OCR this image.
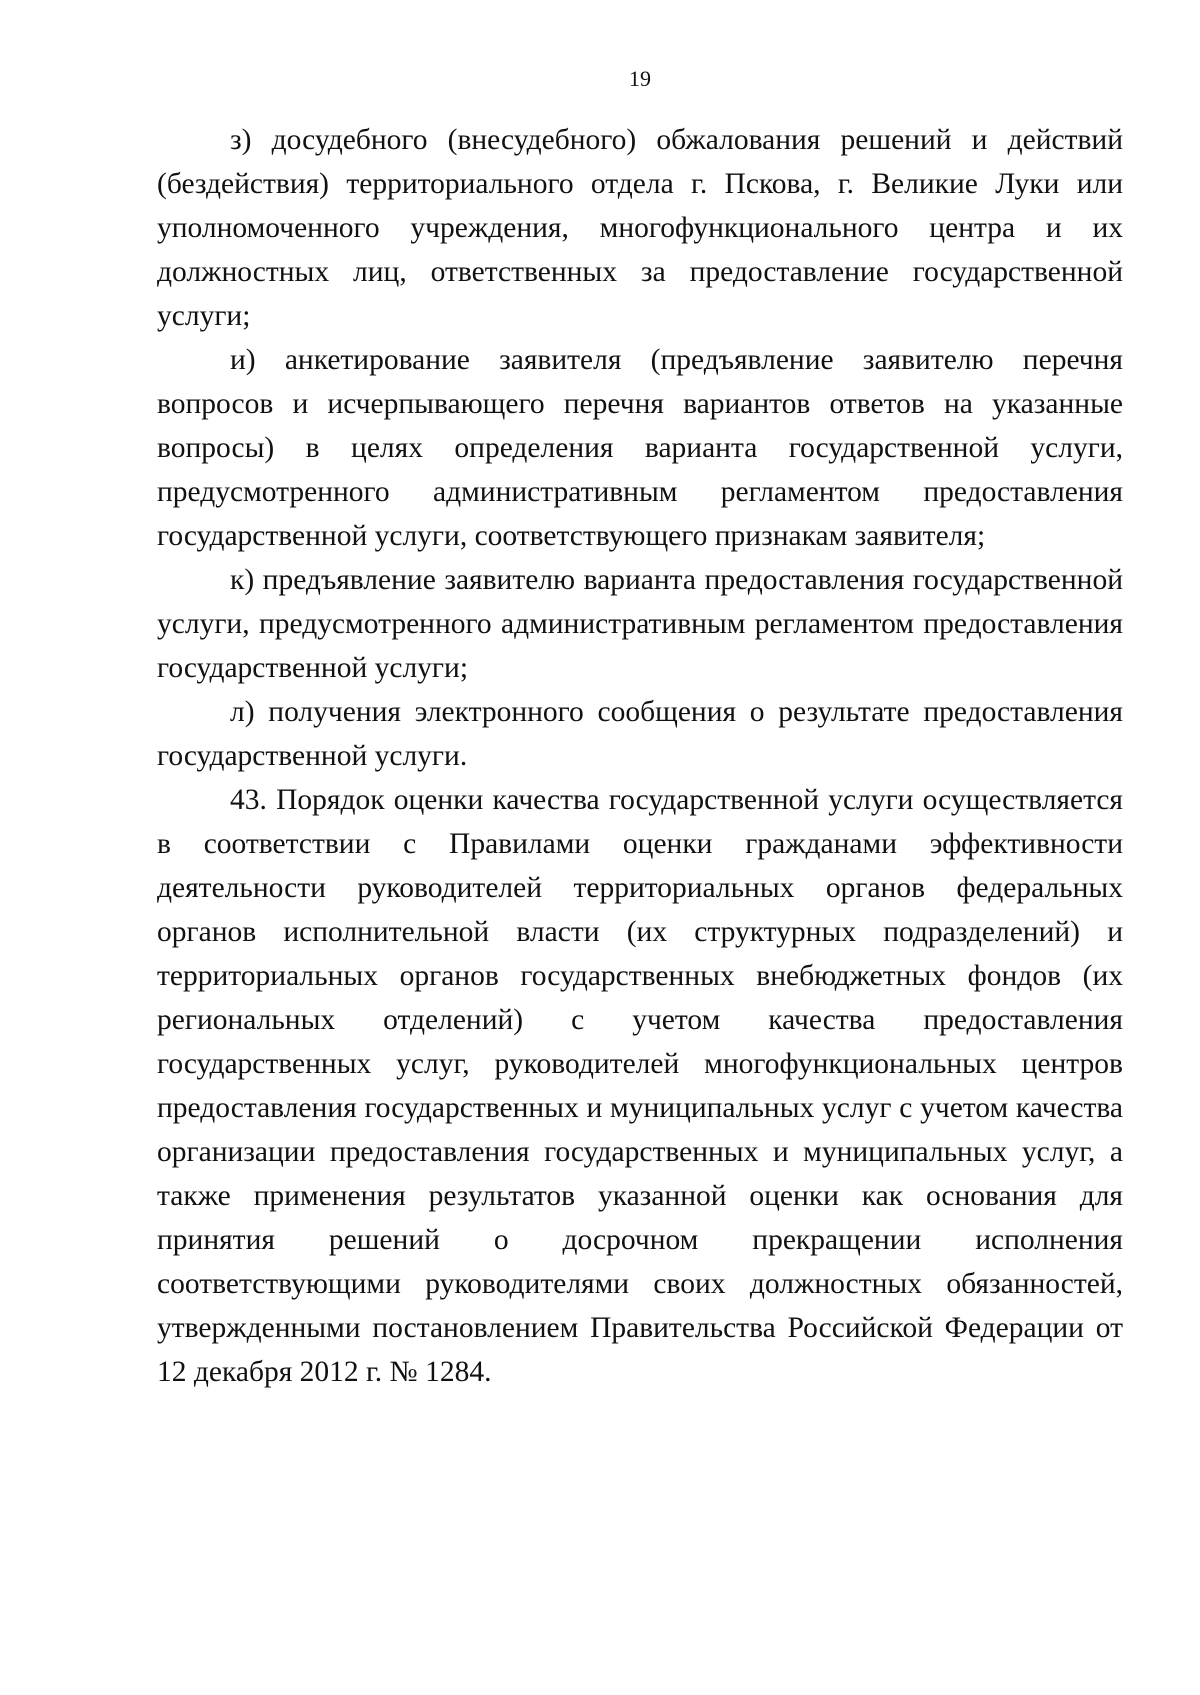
19

з) досудебного (внесудебного) обжалования решений и действий (бездействия) территориального отдела г. Пскова, г. Великие Луки или уполномоченного учреждения, многофункционального центра и их должностных лиц, ответственных за предоставление государственной услуги;

и) анкетирование заявителя (предъявление заявителю перечня вопросов и исчерпывающего перечня вариантов ответов на указанные вопросы) в целях определения варианта государственной услуги, предусмотренного административным регламентом предоставления государственной услуги, соответствующего признакам заявителя;

к) предъявление заявителю варианта предоставления государственной услуги, предусмотренного административным регламентом предоставления государственной услуги;

л) получения электронного сообщения о результате предоставления государственной услуги.

43. Порядок оценки качества государственной услуги осуществляется в соответствии с Правилами оценки гражданами эффективности деятельности руководителей территориальных органов федеральных органов исполнительной власти (их структурных подразделений) и территориальных органов государственных внебюджетных фондов (их региональных отделений) с учетом качества предоставления государственных услуг, руководителей многофункциональных центров предоставления государственных и муниципальных услуг с учетом качества организации предоставления государственных и муниципальных услуг, а также применения результатов указанной оценки как основания для принятия решений о досрочном прекращении исполнения соответствующими руководителями своих должностных обязанностей, утвержденными постановлением Правительства Российской Федерации от 12 декабря 2012 г. № 1284.
